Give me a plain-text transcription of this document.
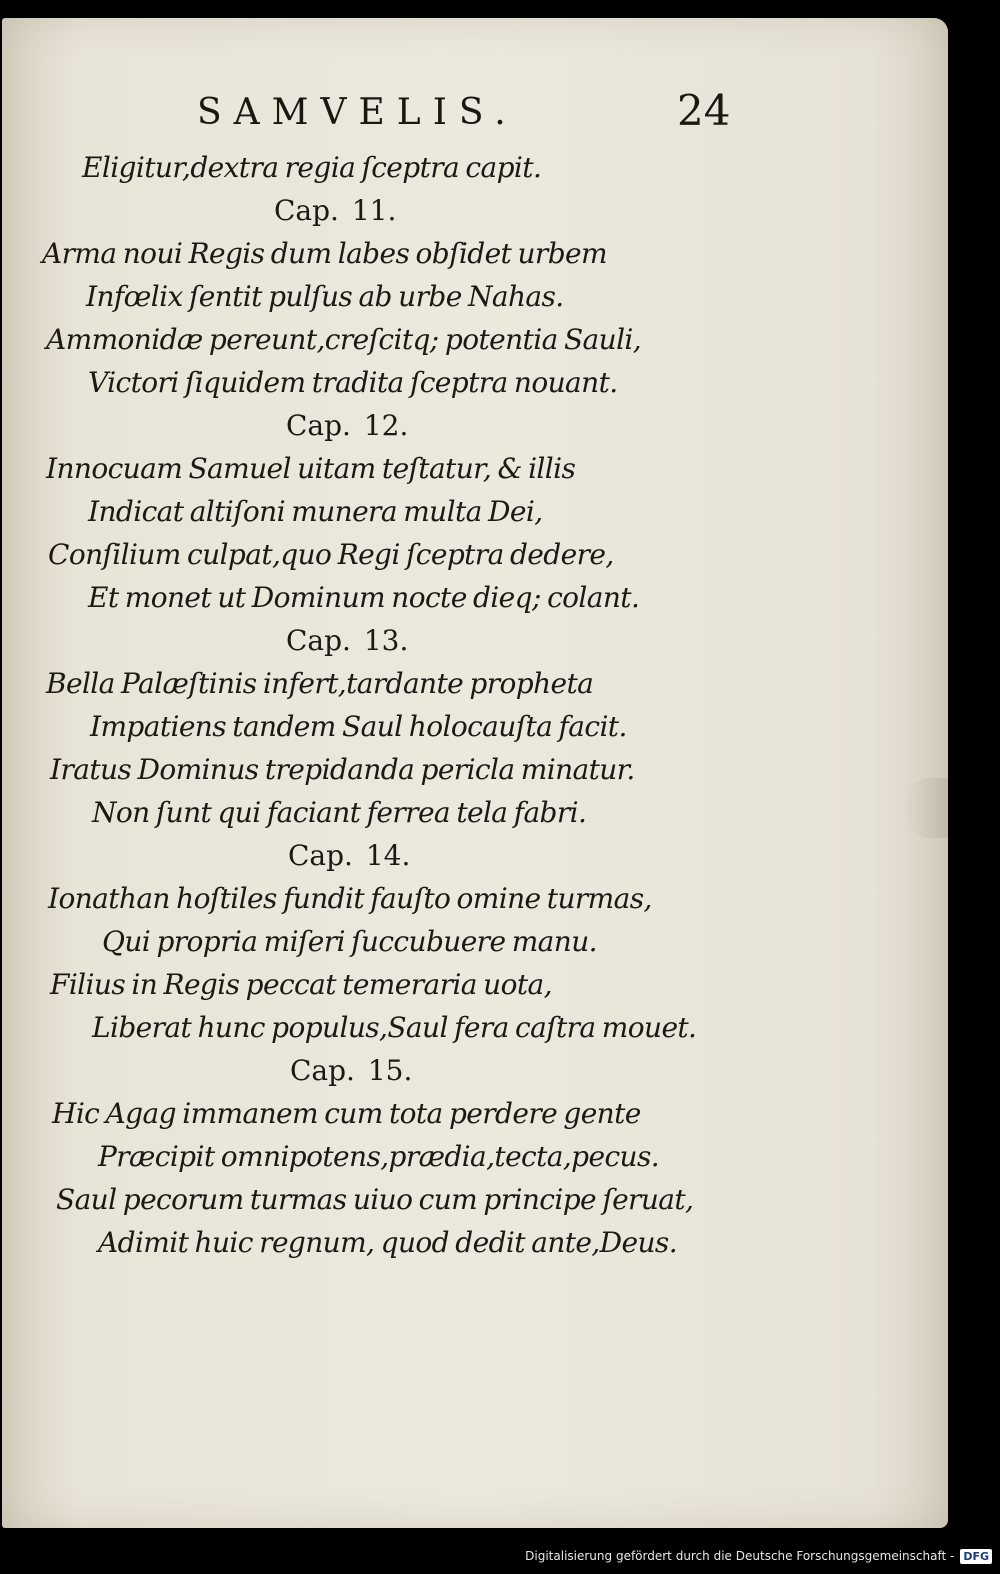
SAMVELIS.	24
Eligitur,dextra regia ſceptra capit.
Cap. 11.
Arma noui Regis dum labes obſidet urbem
Infœlix ſentit pulſus ab urbe Nahas.
Ammonidæ pereunt,creſcitq; potentia Sauli,
Victori ſiquidem tradita ſceptra nouant.
Cap. 12.
Innocuam Samuel uitam teſtatur, & illis
Indicat altiſoni munera multa Dei,
Conſilium culpat,quo Regi ſceptra dedere,
Et monet ut Dominum nocte dieq; colant.
Cap. 13.
Bella Palæſtinis infert,tardante propheta
Impatiens tandem Saul holocauſta facit.
Iratus Dominus trepidanda pericla minatur.
Non ſunt qui faciant ferrea tela fabri.
Cap. 14.
Ionathan hoſtiles fundit fauſto omine turmas,
Qui propria miſeri ſuccubuere manu.
Filius in Regis peccat temeraria uota,
Liberat hunc populus,Saul fera caſtra mouet.
Cap. 15.
Hic Agag immanem cum tota perdere gente
Præcipit omnipotens,prædia,tecta,pecus.
Saul pecorum turmas uiuo cum principe ſeruat,
Adimit huic regnum, quod dedit ante,Deus.
Digitalisierung gefördert durch die Deutsche Forschungsgemeinschaft - DFG
